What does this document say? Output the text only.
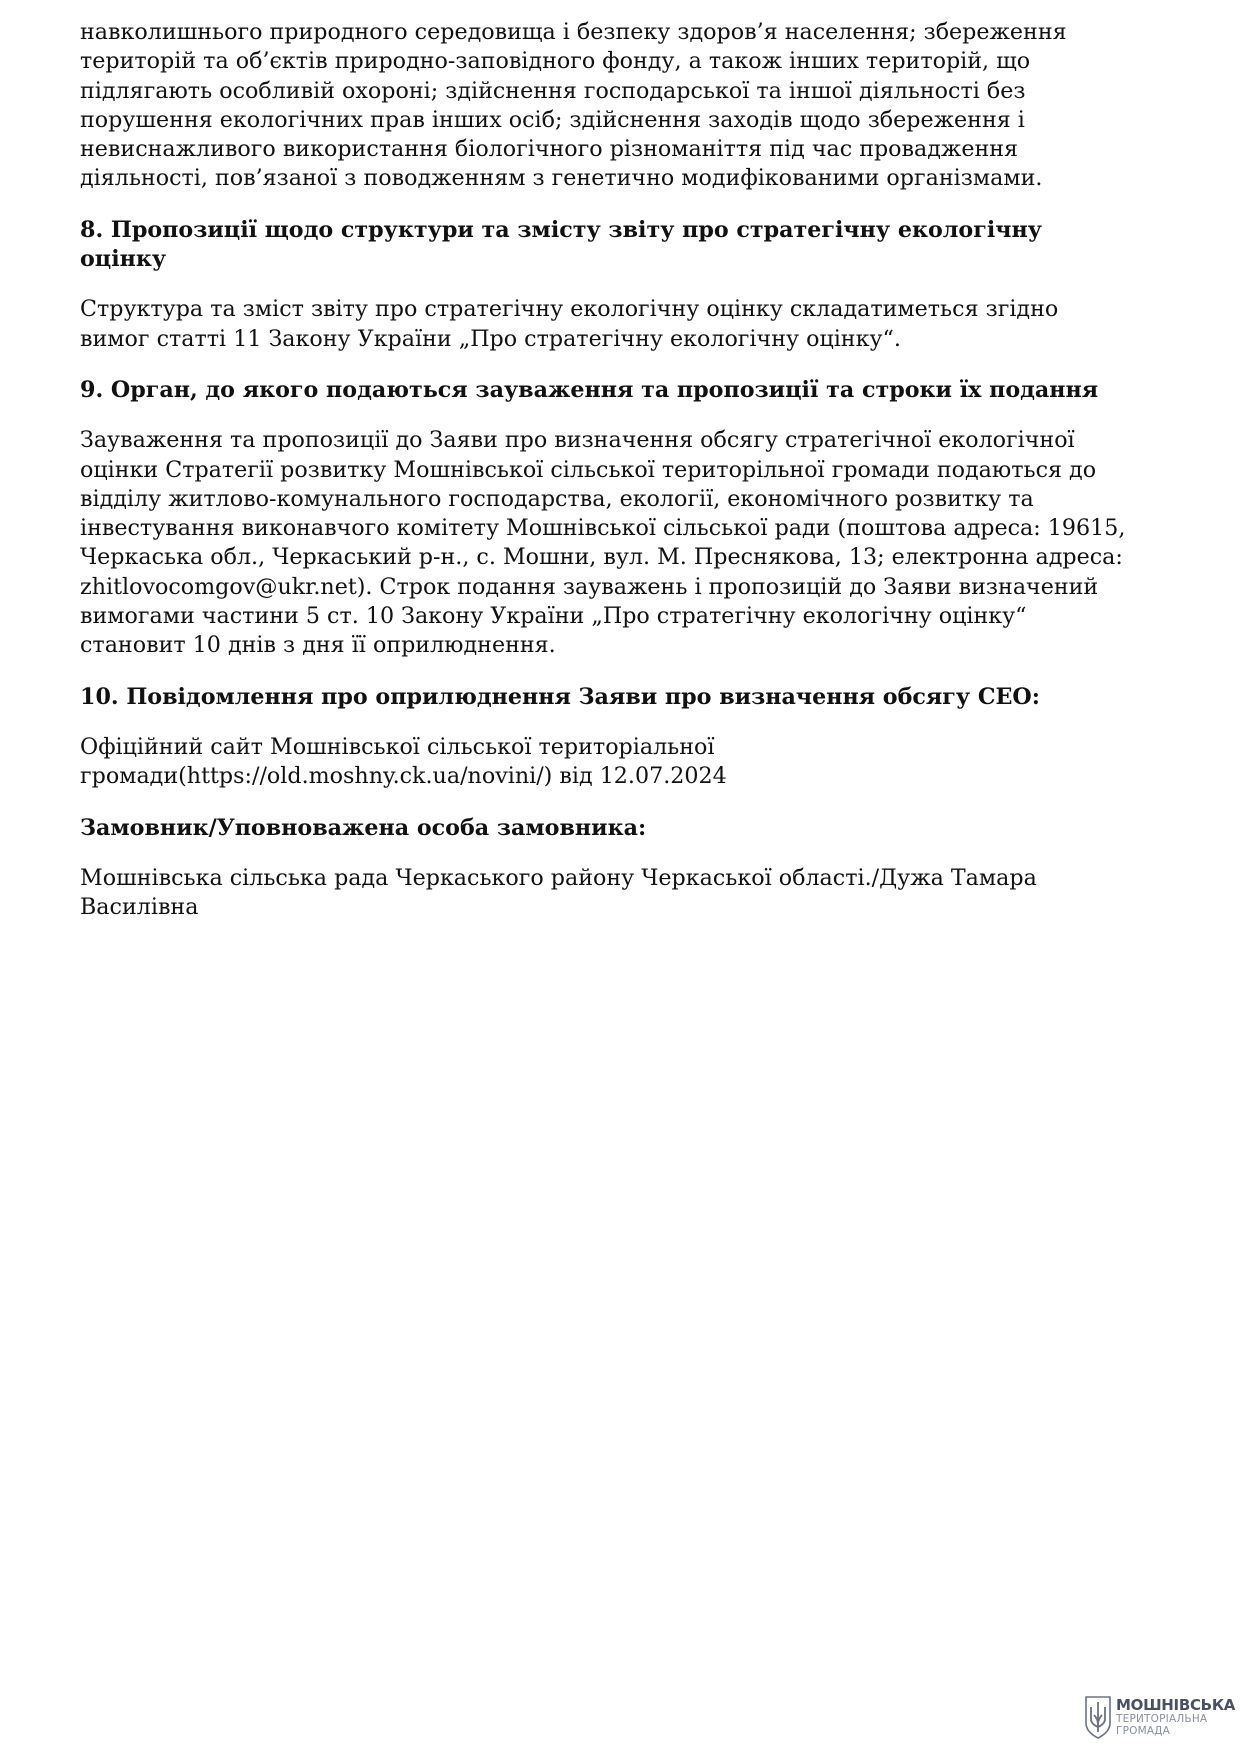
навколишнього природного середовища і безпеку здоров’я населення; збереження
територій та об’єктів природно-заповідного фонду, а також інших територій, що
підлягають особливій охороні; здійснення господарської та іншої діяльності без
порушення екологічних прав інших осіб; здійснення заходів щодо збереження і
невиснажливого використання біологічного різноманіття під час провадження
діяльності, пов’язаної з поводженням з генетично модифікованими організмами.

8. Пропозиції щодо структури та змісту звіту про стратегічну екологічну
оцінку

Структура та зміст звіту про стратегічну екологічну оцінку складатиметься згідно
вимог статті 11 Закону України „Про стратегічну екологічну оцінку“.

9. Орган, до якого подаються зауваження та пропозиції та строки їх подання

Зауваження та пропозиції до Заяви про визначення обсягу стратегічної екологічної
оцінки Стратегії розвитку Мошнівської сільської територільної громади подаються до
відділу житлово-комунального господарства, екології, економічного розвитку та
інвестування виконавчого комітету Мошнівської сільської ради (поштова адреса: 19615,
Черкаська обл., Черкаський р-н., с. Мошни, вул. М. Преснякова, 13; електронна адреса:
zhitlovocomgov@ukr.net). Строк подання зауважень і пропозицій до Заяви визначений
вимогами частини 5 ст. 10 Закону України „Про стратегічну екологічну оцінку“
становит 10 днів з дня її оприлюднення.

10. Повідомлення про оприлюднення Заяви про визначення обсягу СЕО:

Офіційний сайт Мошнівської сільської територіальної
громади(https://old.moshny.ck.ua/novini/) від 12.07.2024

Замовник/Уповноважена особа замовника:

Мошнівська сільська рада Черкаського району Черкаської області./Дужа Тамара
Василівна

МОШНІВСЬКА
ТЕРИТОРІАЛЬНА
ГРОМАДА
